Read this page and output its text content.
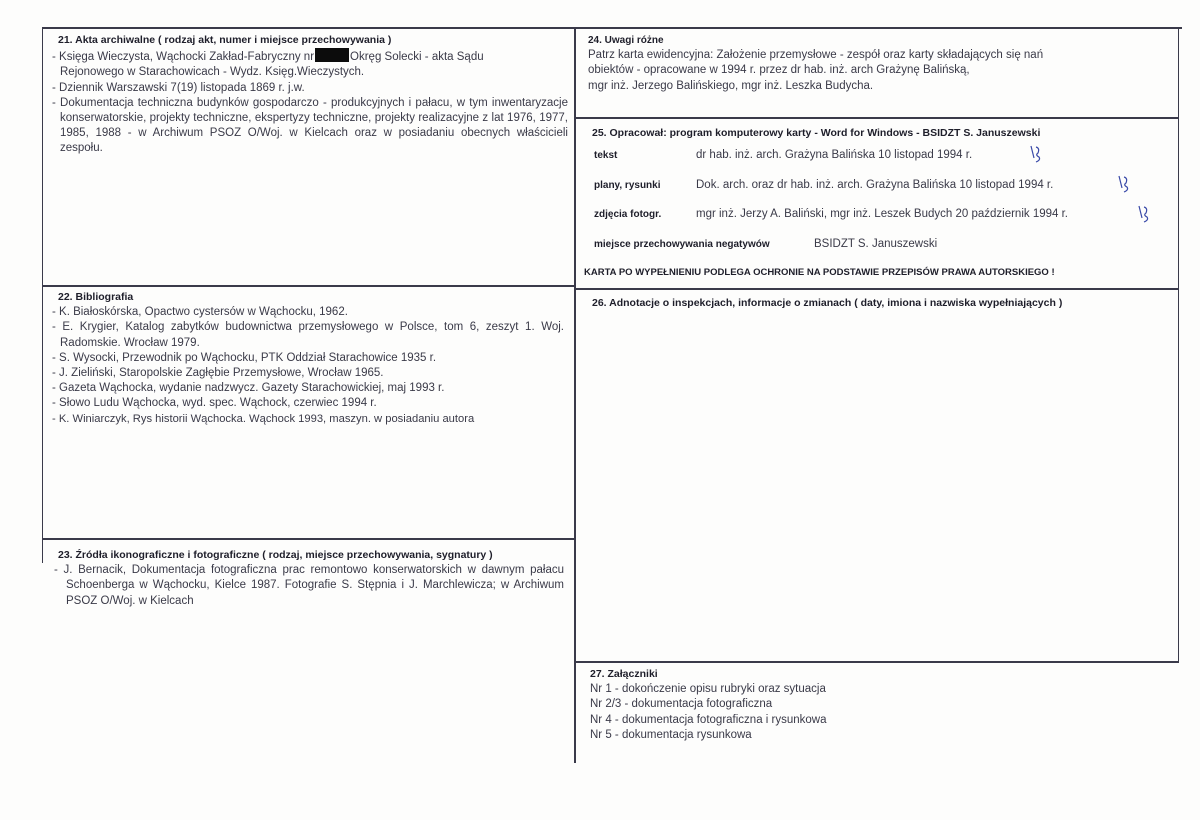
21. Akta archiwalne ( rodzaj akt, numer i miejsce przechowywania )
- Księga Wieczysta, Wąchocki Zakład-Fabryczny nr	Okręg Solecki - akta Sądu
Rejonowego w Starachowicach - Wydz. Księg.Wieczystych.
- Dziennik Warszawski 7(19) listopada 1869 r. j.w.
- Dokumentacja techniczna budynków gospodarczo - produkcyjnych i pałacu, w tym inwentaryzacje konserwatorskie, projekty techniczne, ekspertyzy techniczne, projekty realizacyjne z lat 1976, 1977, 1985, 1988 - w Archiwum PSOZ O/Woj. w Kielcach oraz w posiadaniu obecnych właścicieli zespołu.
22. Bibliografia
- K. Białoskórska, Opactwo cystersów w Wąchocku, 1962.
- E. Krygier, Katalog zabytków budownictwa przemysłowego w Polsce, tom 6, zeszyt 1. Woj. Radomskie. Wrocław 1979.
- S. Wysocki, Przewodnik po Wąchocku, PTK Oddział Starachowice 1935 r.
- J. Zieliński, Staropolskie Zagłębie Przemysłowe, Wrocław 1965.
- Gazeta Wąchocka, wydanie nadzwycz. Gazety Starachowickiej, maj 1993 r.
- Słowo Ludu Wąchocka, wyd. spec. Wąchock, czerwiec 1994 r.
- K. Winiarczyk, Rys historii Wąchocka. Wąchock 1993, maszyn. w posiadaniu autora
23. Źródła ikonograficzne i fotograficzne ( rodzaj, miejsce przechowywania, sygnatury )
- J. Bernacik, Dokumentacja fotograficzna prac remontowo konserwatorskich w dawnym pałacu Schoenberga w Wąchocku, Kielce 1987. Fotografie S. Stępnia i J. Marchlewicza; w Archiwum PSOZ O/Woj. w Kielcach
24. Uwagi różne
Patrz karta ewidencyjna: Założenie przemysłowe - zespół oraz karty składających się nań
obiektów - opracowane w 1994 r. przez dr hab. inż. arch Grażynę Balińską,
mgr inż. Jerzego Balińskiego, mgr inż. Leszka Budycha.
25. Opracował: program komputerowy karty - Word for Windows - BSIDZT S. Januszewski
tekst	dr hab. inż. arch. Grażyna Balińska 10 listopad 1994 r.
plany, rysunki	Dok. arch. oraz dr hab. inż. arch. Grażyna Balińska 10 listopad 1994 r.
zdjęcia fotogr.	mgr inż. Jerzy A. Baliński, mgr inż. Leszek Budych 20 październik 1994 r.
miejsce przechowywania negatywów	BSIDZT S. Januszewski
KARTA PO WYPEŁNIENIU PODLEGA OCHRONIE NA PODSTAWIE PRZEPISÓW PRAWA AUTORSKIEGO !
26. Adnotacje o inspekcjach, informacje o zmianach ( daty, imiona i nazwiska wypełniających )
27. Załączniki
Nr 1 - dokończenie opisu rubryki oraz sytuacja
Nr 2/3 - dokumentacja fotograficzna
Nr 4 - dokumentacja fotograficzna i rysunkowa
Nr 5 - dokumentacja rysunkowa
